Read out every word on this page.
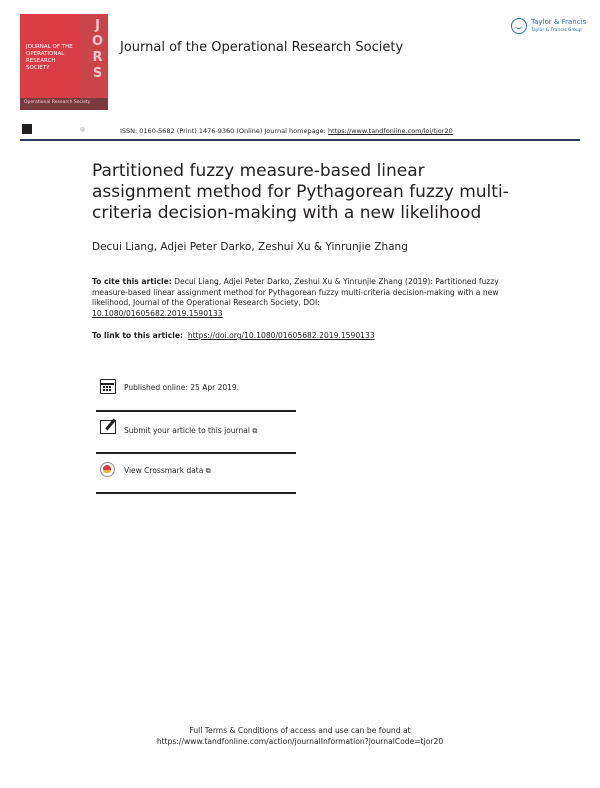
JORS
JOURNAL OF THE OPERATIONAL RESEARCH SOCIETY
Operational Research Society
Journal of the Operational Research Society
Taylor & Francis
Taylor & Francis Group
ISSN: 0160-5682 (Print) 1476-9360 (Online) Journal homepage: https://www.tandfonline.com/loi/tjor20
Partitioned fuzzy measure-based linear assignment method for Pythagorean fuzzy multi-criteria decision-making with a new likelihood
Decui Liang, Adjei Peter Darko, Zeshui Xu & Yinrunjie Zhang
To cite this article: Decui Liang, Adjei Peter Darko, Zeshui Xu & Yinrunjie Zhang (2019): Partitioned fuzzy measure-based linear assignment method for Pythagorean fuzzy multi-criteria decision-making with a new likelihood, Journal of the Operational Research Society, DOI:
10.1080/01605682.2019.1590133
To link to this article: https://doi.org/10.1080/01605682.2019.1590133
Published online: 25 Apr 2019.
Submit your article to this journal ⧉
View Crossmark data ⧉
Full Terms & Conditions of access and use can be found at
https://www.tandfonline.com/action/journalInformation?journalCode=tjor20
